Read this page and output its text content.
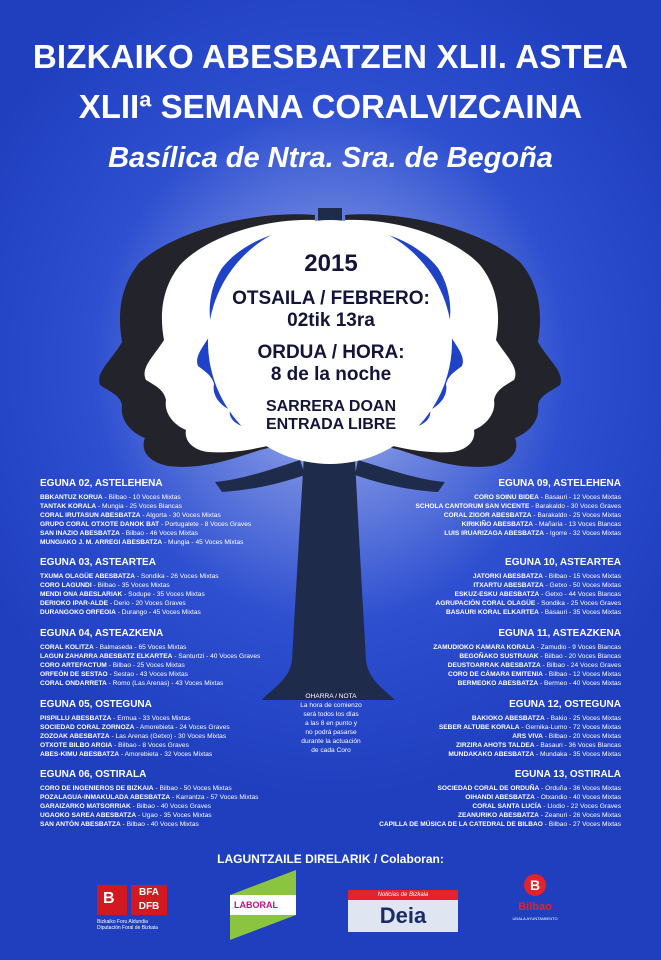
BIZKAIKO ABESBATZEN XLII. ASTEA
XLIIª SEMANA CORALVIZCAINA
Basílica de Ntra. Sra. de Begoña
2015
OTSAILA / FEBRERO:
02tik 13ra
ORDUA / HORA:
8 de la noche
SARRERA DOAN
ENTRADA LIBRE
EGUNA 02, ASTELEHENA
BBKANTUZ KORUA - Bilbao - 10 Voces Mixtas
TANTAK KORALA - Mungia - 25 Voces Blancas
CORAL IRUTASUN ABESBATZA - Algorta - 30 Voces Mixtas
GRUPO CORAL OTXOTE DANOK BAT - Portugalete - 8 Voces Graves
SAN INAZIO ABESBATZA - Bilbao - 46 Voces Mixtas
MUNGIAKO J. M. ARREGI ABESBATZA - Mungia - 45 Voces Mixtas
EGUNA 03, ASTEARTEA
TXUMA OLAGÜE ABESBATZA - Sondika - 26 Voces Mixtas
CORO LAGUNDI - Bilbao - 35 Voces Mixtas
MENDI ONA ABESLARIAK - Sodupe - 35 Voces Mixtas
DERIOKO IPAR-ALDE - Derio - 20 Voces Graves
DURANGOKO ORFEOIA - Durango - 45 Voces Mixtas
EGUNA 04, ASTEAZKENA
CORAL KOLITZA - Balmaseda - 65 Voces Mixtas
LAGUN ZAHARRA ABESBATZ ELKARTEA - Santurtzi - 40 Voces Graves
CORO ARTEFACTUM - Bilbao - 25 Voces Mixtas
ORFEÓN DE SESTAO - Sestao - 43 Voces Mixtas
CORAL ONDARRETA - Romo (Las Arenas) - 43 Voces Mixtas
EGUNA 05, OSTEGUNA
PISPILLU ABESBATZA - Ermua - 33 Voces Mixtas
SOCIEDAD CORAL ZORNOZA - Amorebieta - 24 Voces Graves
ZOZOAK ABESBATZA - Las Arenas (Getxo) - 30 Voces Mixtas
OTXOTE BILBO ARGIA - Bilbao - 8 Voces Graves
ABES-KIMU ABESBATZA - Amorebieta - 32 Voces Mixtas
EGUNA 06, OSTIRALA
CORO DE INGENIEROS DE BIZKAIA - Bilbao - 50 Voces Mixtas
POZALAGUA-INMAKULADA ABESBATZA - Karrantza - 57 Voces Mixtas
GARAIZARKO MATSORRIAK - Bilbao - 40 Voces Graves
UGAOKO SAREA ABESBATZA - Ugao - 35 Voces Mixtas
SAN ANTÓN ABESBATZA - Bilbao - 40 Voces Mixtas
EGUNA 09, ASTELEHENA
CORO SOINU BIDEA - Basauri - 12 Voces Mixtas
SCHOLA CANTORUM SAN VICENTE - Barakaldo - 30 Voces Graves
CORAL ZIGOR ABESBATZA - Barakaldo - 25 Voces Mixtas
KIRIKIÑO ABESBATZA - Mañaria - 13 Voces Blancas
LUIS IRUARIZAGA ABESBATZA - Igorre - 32 Voces Mixtas
EGUNA 10, ASTEARTEA
JATORKI ABESBATZA - Bilbao - 15 Voces Mixtas
ITXARTU ABESBATZA - Getxo - 50 Voces Mixtas
ESKUZ-ESKU ABESBATZA - Getxo - 44 Voces Blancas
AGRUPACIÓN CORAL OLAGÜE - Sondika - 25 Voces Graves
BASAURI KORAL ELKARTEA - Basauri - 35 Voces Mixtas
EGUNA 11, ASTEAZKENA
ZAMUDIOKO KAMARA KORALA - Zamudio - 9 Voces Blancas
BEGOÑAKO SUSTRAIAK - Bilbao - 20 Voces Blancas
DEUSTOARRAK ABESBATZA - Bilbao - 24 Voces Graves
CORO DE CÁMARA EMITENIA - Bilbao - 12 Voces Mixtas
BERMEOKO ABESBATZA - Bermeo - 40 Voces Mixtas
EGUNA 12, OSTEGUNA
BAKIOKO ABESBATZA - Bakio - 25 Voces Mixtas
SEBER ALTUBE KORALA - Gernika-Lumo - 72 Voces Mixtas
ARS VIVA - Bilbao - 20 Voces Mixtas
ZIRZIRA AHOTS TALDEA - Basauri - 36 Voces Blancas
MUNDAKAKO ABESBATZA - Mundaka - 35 Voces Mixtas
EGUNA 13, OSTIRALA
SOCIEDAD CORAL DE ORDUÑA - Orduña - 36 Voces Mixtas
OIHANDI ABESBATZA - Otxandio - 40 Voces Mixtas
CORAL SANTA LUCÍA - Llodio - 22 Voces Graves
ZEANURIKO ABESBATZA - Zeanuri - 26 Voces Mixtas
CAPILLA DE MÚSICA DE LA CATEDRAL DE BILBAO - Bilbao - 27 Voces Mixtas
OHARRA / NOTA
La hora de comienzo
será todos los días
a las 8 en punto y
no podrá pasarse
durante la actuación
de cada Coro
LAGUNTZAILE DIRELARIK / Colaboran:
B	BFA DFB
Bizkaiko Foru Aldundia Diputación Foral de Bizkaia
LABORAL
Noticias de Bizkaia
Deia
B
Bilbao
UDALA AYUNTAMIENTO
